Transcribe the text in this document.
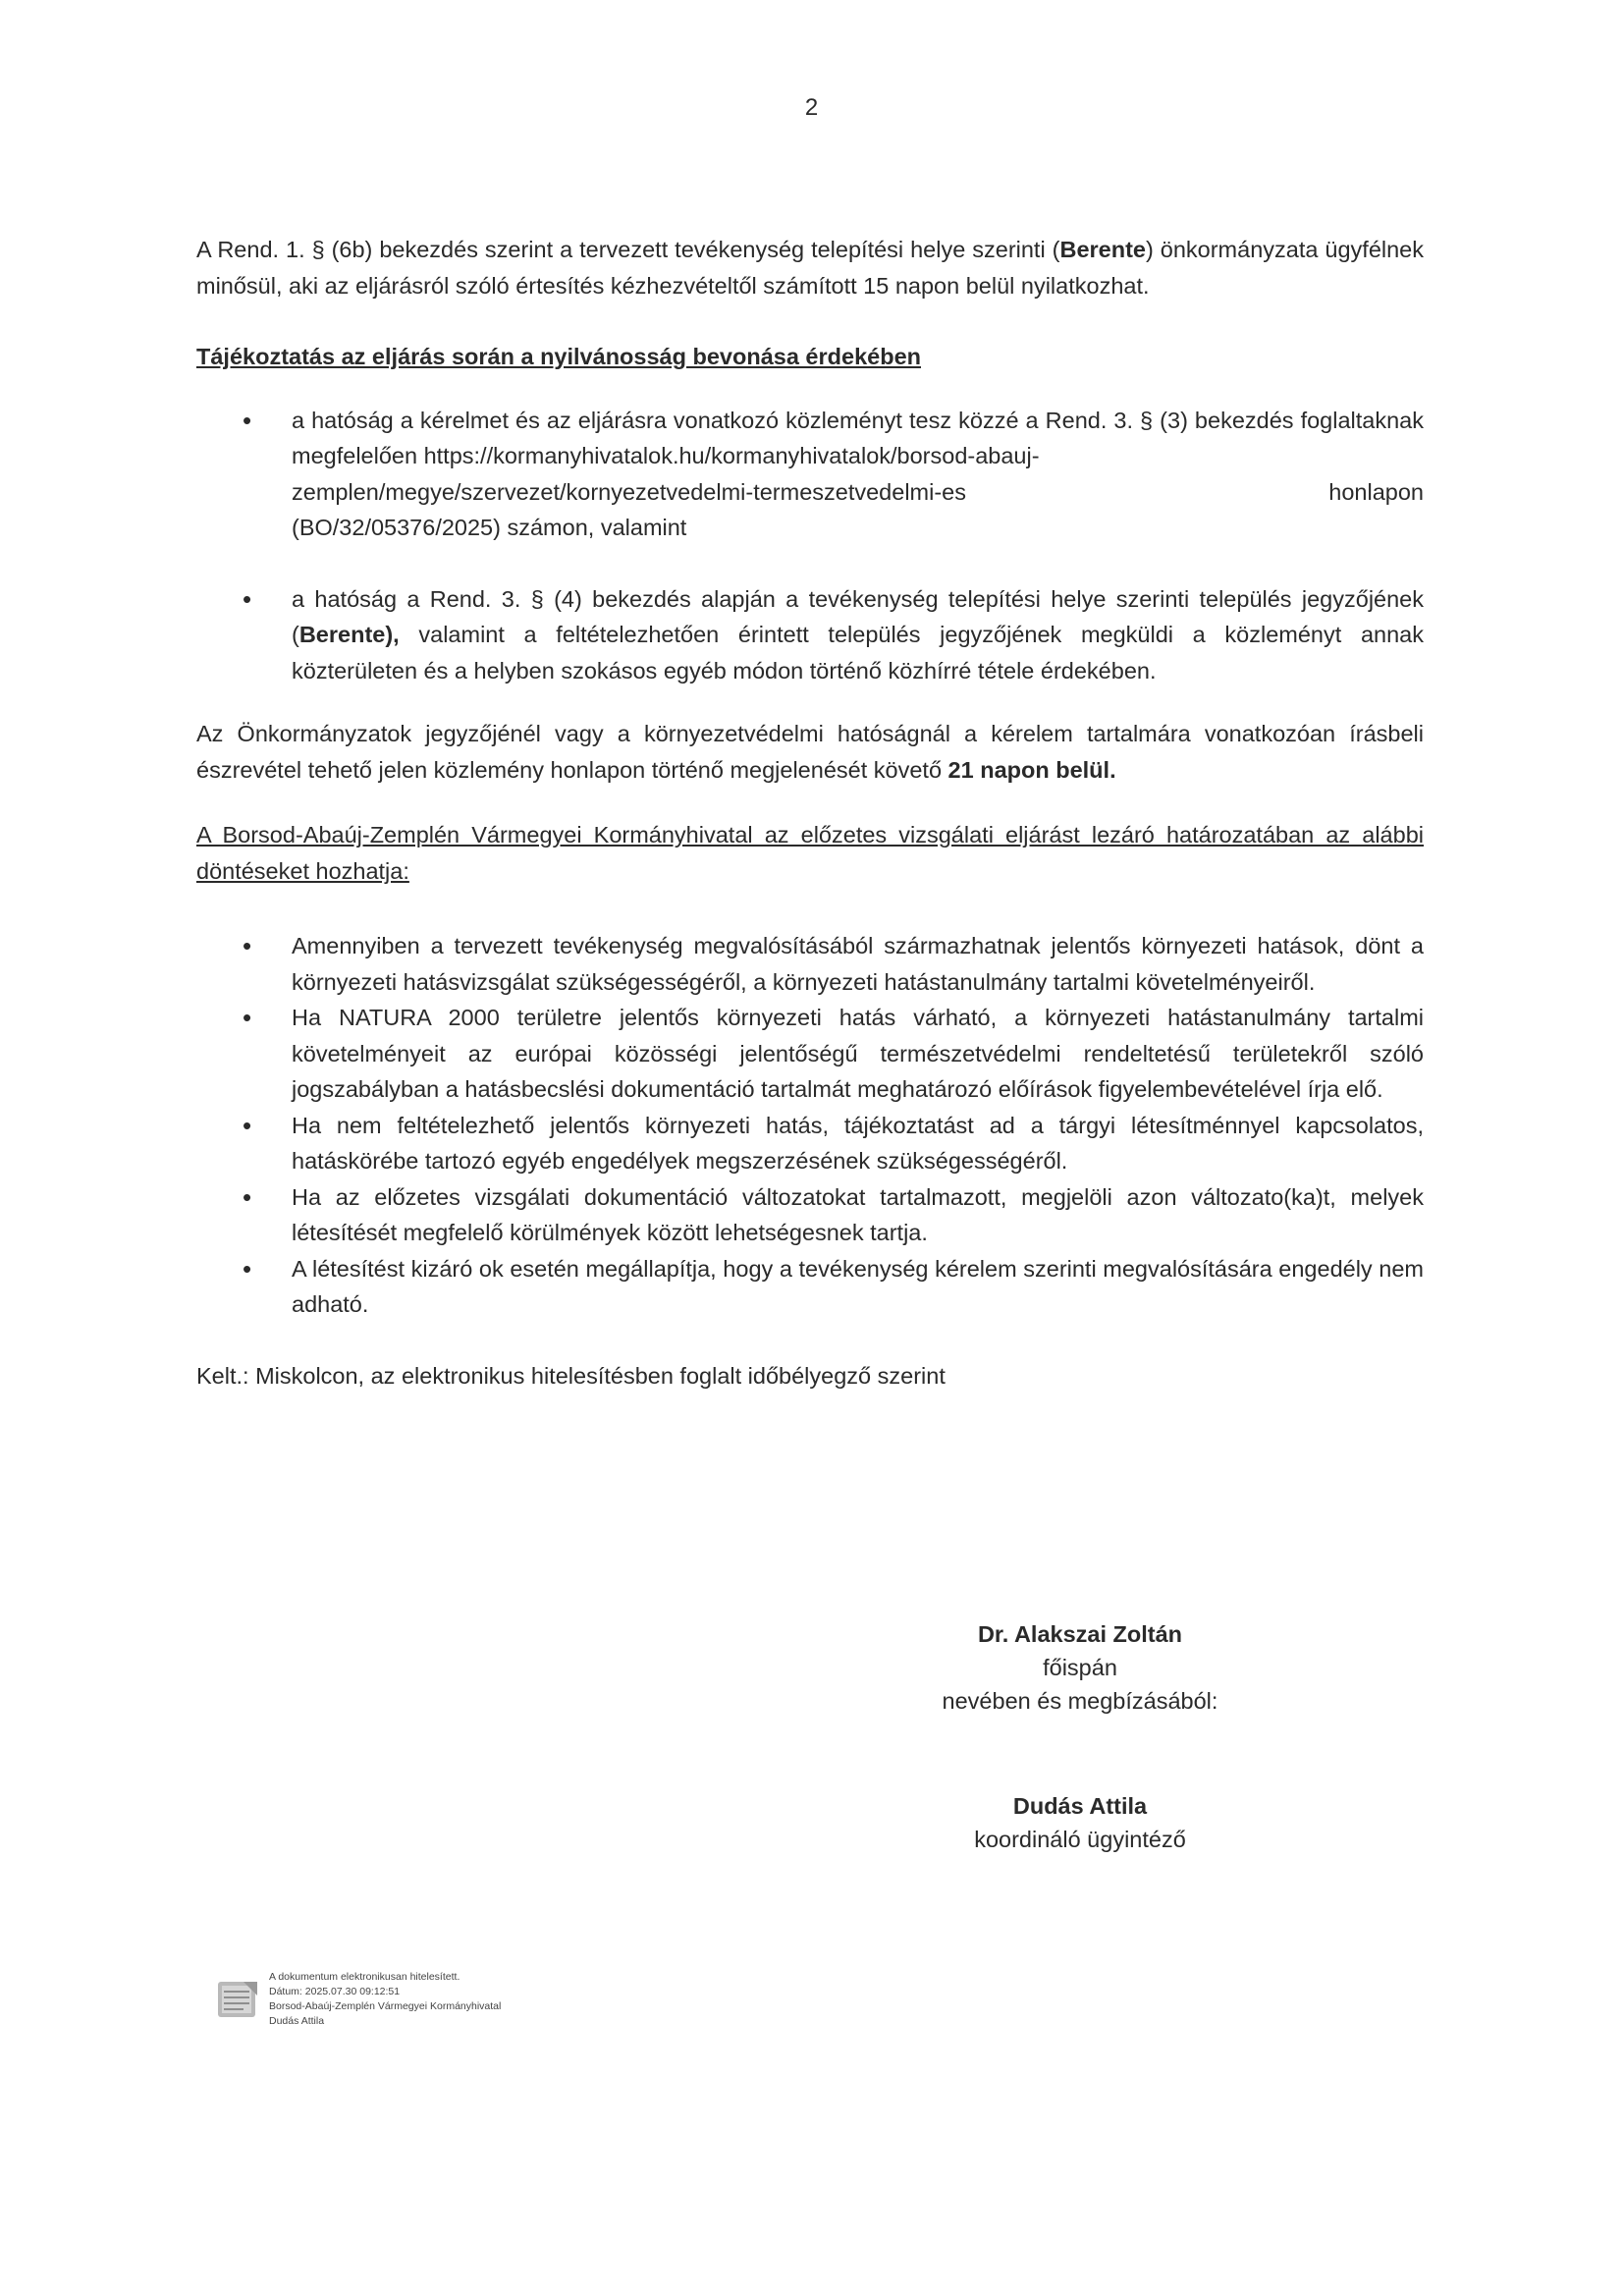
2

A Rend. 1. § (6b) bekezdés szerint a tervezett tevékenység telepítési helye szerinti (Berente) önkormányzata ügyfélnek minősül, aki az eljárásról szóló értesítés kézhezvételtől számított 15 napon belül nyilatkozhat.

Tájékoztatás az eljárás során a nyilvánosság bevonása érdekében

• a hatóság a kérelmet és az eljárásra vonatkozó közleményt tesz közzé a Rend. 3. § (3) bekezdés foglaltaknak megfelelően https://kormanyhivatalok.hu/kormanyhivatalok/borsod-abauj-
zemplen/megye/szervezet/kornyezetvedelmi-termeszetvedelmi-es	honlapon
(BO/32/05376/2025) számon, valamint
• a hatóság a Rend. 3. § (4) bekezdés alapján a tevékenység telepítési helye szerinti település jegyzőjének (Berente), valamint a feltételezhetően érintett település jegyzőjének megküldi a közleményt annak közterületen és a helyben szokásos egyéb módon történő közhírré tétele érdekében.

Az Önkormányzatok jegyzőjénél vagy a környezetvédelmi hatóságnál a kérelem tartalmára vonatkozóan írásbeli észrevétel tehető jelen közlemény honlapon történő megjelenését követő 21 napon belül.

A Borsod-Abaúj-Zemplén Vármegyei Kormányhivatal az előzetes vizsgálati eljárást lezáró határozatában az alábbi döntéseket hozhatja:

• Amennyiben a tervezett tevékenység megvalósításából származhatnak jelentős környezeti hatások, dönt a környezeti hatásvizsgálat szükségességéről, a környezeti hatástanulmány tartalmi követelményeiről.
• Ha NATURA 2000 területre jelentős környezeti hatás várható, a környezeti hatástanulmány tartalmi követelményeit az európai közösségi jelentőségű természetvédelmi rendeltetésű területekről szóló jogszabályban a hatásbecslési dokumentáció tartalmát meghatározó előírások figyelembevételével írja elő.
• Ha nem feltételezhető jelentős környezeti hatás, tájékoztatást ad a tárgyi létesítménnyel kapcsolatos, hatáskörébe tartozó egyéb engedélyek megszerzésének szükségességéről.
• Ha az előzetes vizsgálati dokumentáció változatokat tartalmazott, megjelöli azon változato(ka)t, melyek létesítését megfelelő körülmények között lehetségesnek tartja.
• A létesítést kizáró ok esetén megállapítja, hogy a tevékenység kérelem szerinti megvalósítására engedély nem adható.

Kelt.: Miskolcon, az elektronikus hitelesítésben foglalt időbélyegző szerint

Dr. Alakszai Zoltán
főispán
nevében és megbízásából:
Dudás Attila
koordináló ügyintéző
A dokumentum elektronikusan hitelesített.
Dátum: 2025.07.30 09:12:51
Borsod-Abaúj-Zemplén Vármegyei Kormányhivatal
Dudás Attila
